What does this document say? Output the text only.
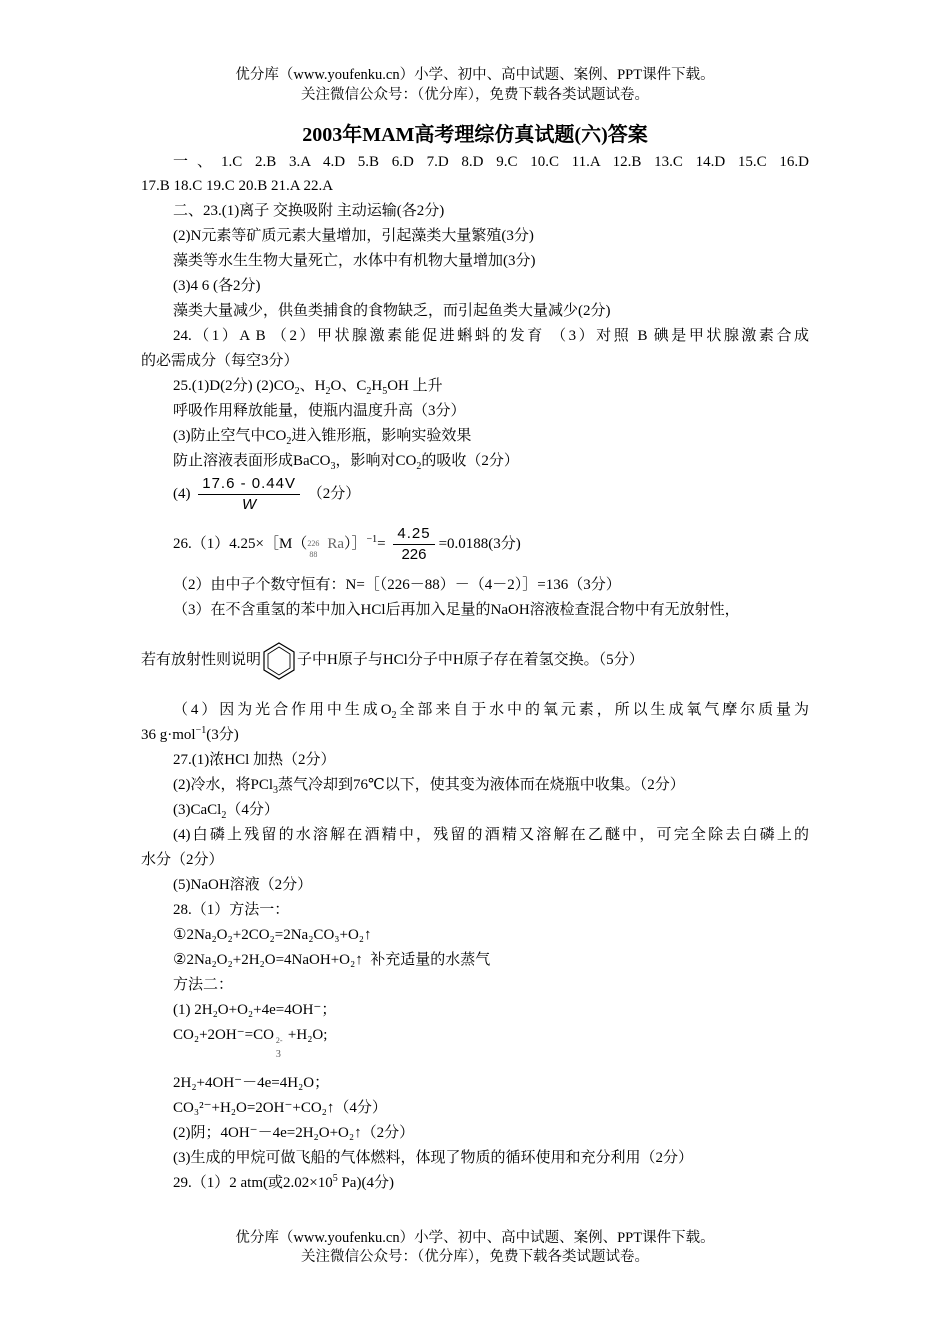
优分库（www.youfenku.cn）小学、初中、高中试题、案例、PPT课件下载。
关注微信公众号：（优分库），免费下载各类试题试卷。
2003年MAM高考理综仿真试题(六)答案
一、1.C 2.B 3.A 4.D 5.B 6.D 7.D 8.D 9.C 10.C 11.A 12.B 13.C 14.D 15.C 16.D
17.B 18.C 19.C 20.B 21.A 22.A
二、23.(1)离子 交换吸附 主动运输(各2分)
(2)N元素等矿质元素大量增加，引起藻类大量繁殖(3分)
藻类等水生生物大量死亡，水体中有机物大量增加(3分)
(3)4 6 (各2分)
藻类大量减少，供鱼类捕食的食物缺乏，而引起鱼类大量减少(2分)
24.（1）A B （2）甲状腺激素能促进蝌蚪的发育 （3）对照 B 碘是甲状腺激素合成
的必需成分（每空3分）
25.(1)D(2分) $(2)CO_2$、$H_2O$、$C_2H_5OH$ 上升
呼吸作用释放能量，使瓶内温度升高（3分）
(3)防止空气中$CO_2$进入锥形瓶，影响实验效果
防止溶液表面形成BaCO$_3$，影响对$CO_2$的吸收（2分）
$(4) \frac{17.6 - 0.44V}{W} (2$分）
26.（1）4.25×［M（ 226
88
Ra）］$^{-1}$= $\frac{4.25}{226} =0.0188(3$分)
（2）由中子个数守恒有：N=［（226－88）－（4－2）］=136（3分）
（3）在不含重氢的苯中加入HCl后再加入足量的NaOH溶液检查混合物中有无放射性，
若有放射性则说明 子中H原子与HCl分子中H原子存在着氢交换。（5分）
（4）因为光合作用中生成$O_2$全部来自于水中的氧元素，所以生成氧气摩尔质量为
36 g·mol$^{-1}$(3分)
27.(1)浓HCl 加热（2分）
(2)冷水，将PCl$_3$蒸气冷却到76℃以下，使其变为液体而在烧瓶中收集。（2分）
(3)CaCl$_2$（4分）
(4)白磷上残留的水溶解在酒精中，残留的酒精又溶解在乙醚中，可完全除去白磷上的
水分（2分）
(5)NaOH溶液（2分）
28.（1）方法一：
①2Na₂O₂+2CO₂=2Na₂CO₃+O₂↑
②2Na₂O₂+2H₂O=4NaOH+O₂↑ 补充适量的水蒸气
方法二：
(1) 2H₂O+O₂+4e=4OH⁻；
CO₂+2OH⁻=CO 2-
3
+H₂O;
2H₂+4OH⁻－4e=4H₂O；
CO₃²⁻+H₂O=2OH⁻+CO₂↑（4分）
(2)阴；4OH⁻－4e=2H₂O+O₂↑（2分）
(3)生成的甲烷可做飞船的气体燃料，体现了物质的循环使用和充分利用（2分）
29.（1）2 atm(或$2.02\times 10^5$ Pa)(4分)
优分库（www.youfenku.cn）小学、初中、高中试题、案例、PPT课件下载。
关注微信公众号：（优分库），免费下载各类试题试卷。
